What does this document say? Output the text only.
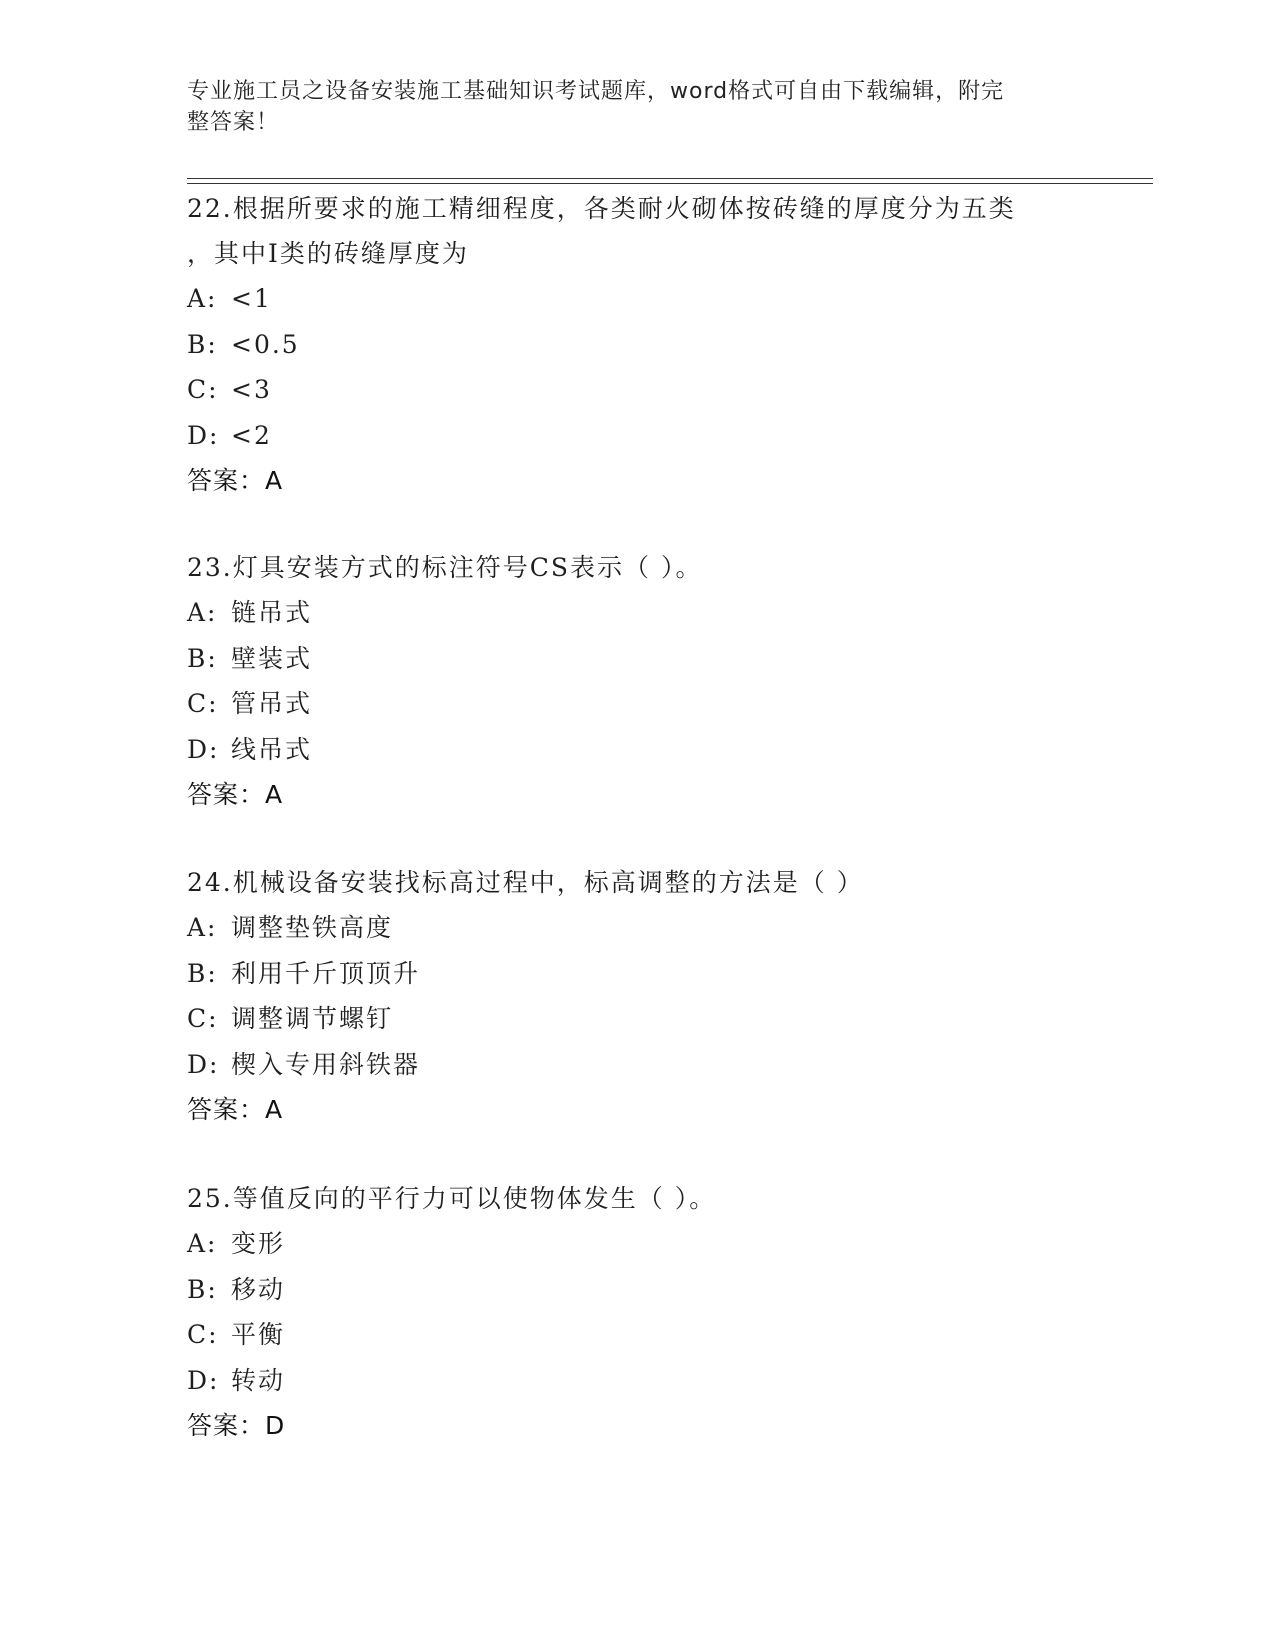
专业施工员之设备安装施工基础知识考试题库，word格式可自由下载编辑，附完
整答案！
22.根据所要求的施工精细程度，各类耐火砌体按砖缝的厚度分为五类
，其中Ⅰ类的砖缝厚度为
A: <1
B: <0.5
C: <3
D: <2
答案：A
23.灯具安装方式的标注符号CS表示（ ）。
A: 链吊式
B: 壁装式
C: 管吊式
D: 线吊式
答案：A
24.机械设备安装找标高过程中，标高调整的方法是（ ）
A: 调整垫铁高度
B: 利用千斤顶顶升
C: 调整调节螺钉
D: 楔入专用斜铁器
答案：A
25.等值反向的平行力可以使物体发生（ ）。
A: 变形
B: 移动
C: 平衡
D: 转动
答案：D
